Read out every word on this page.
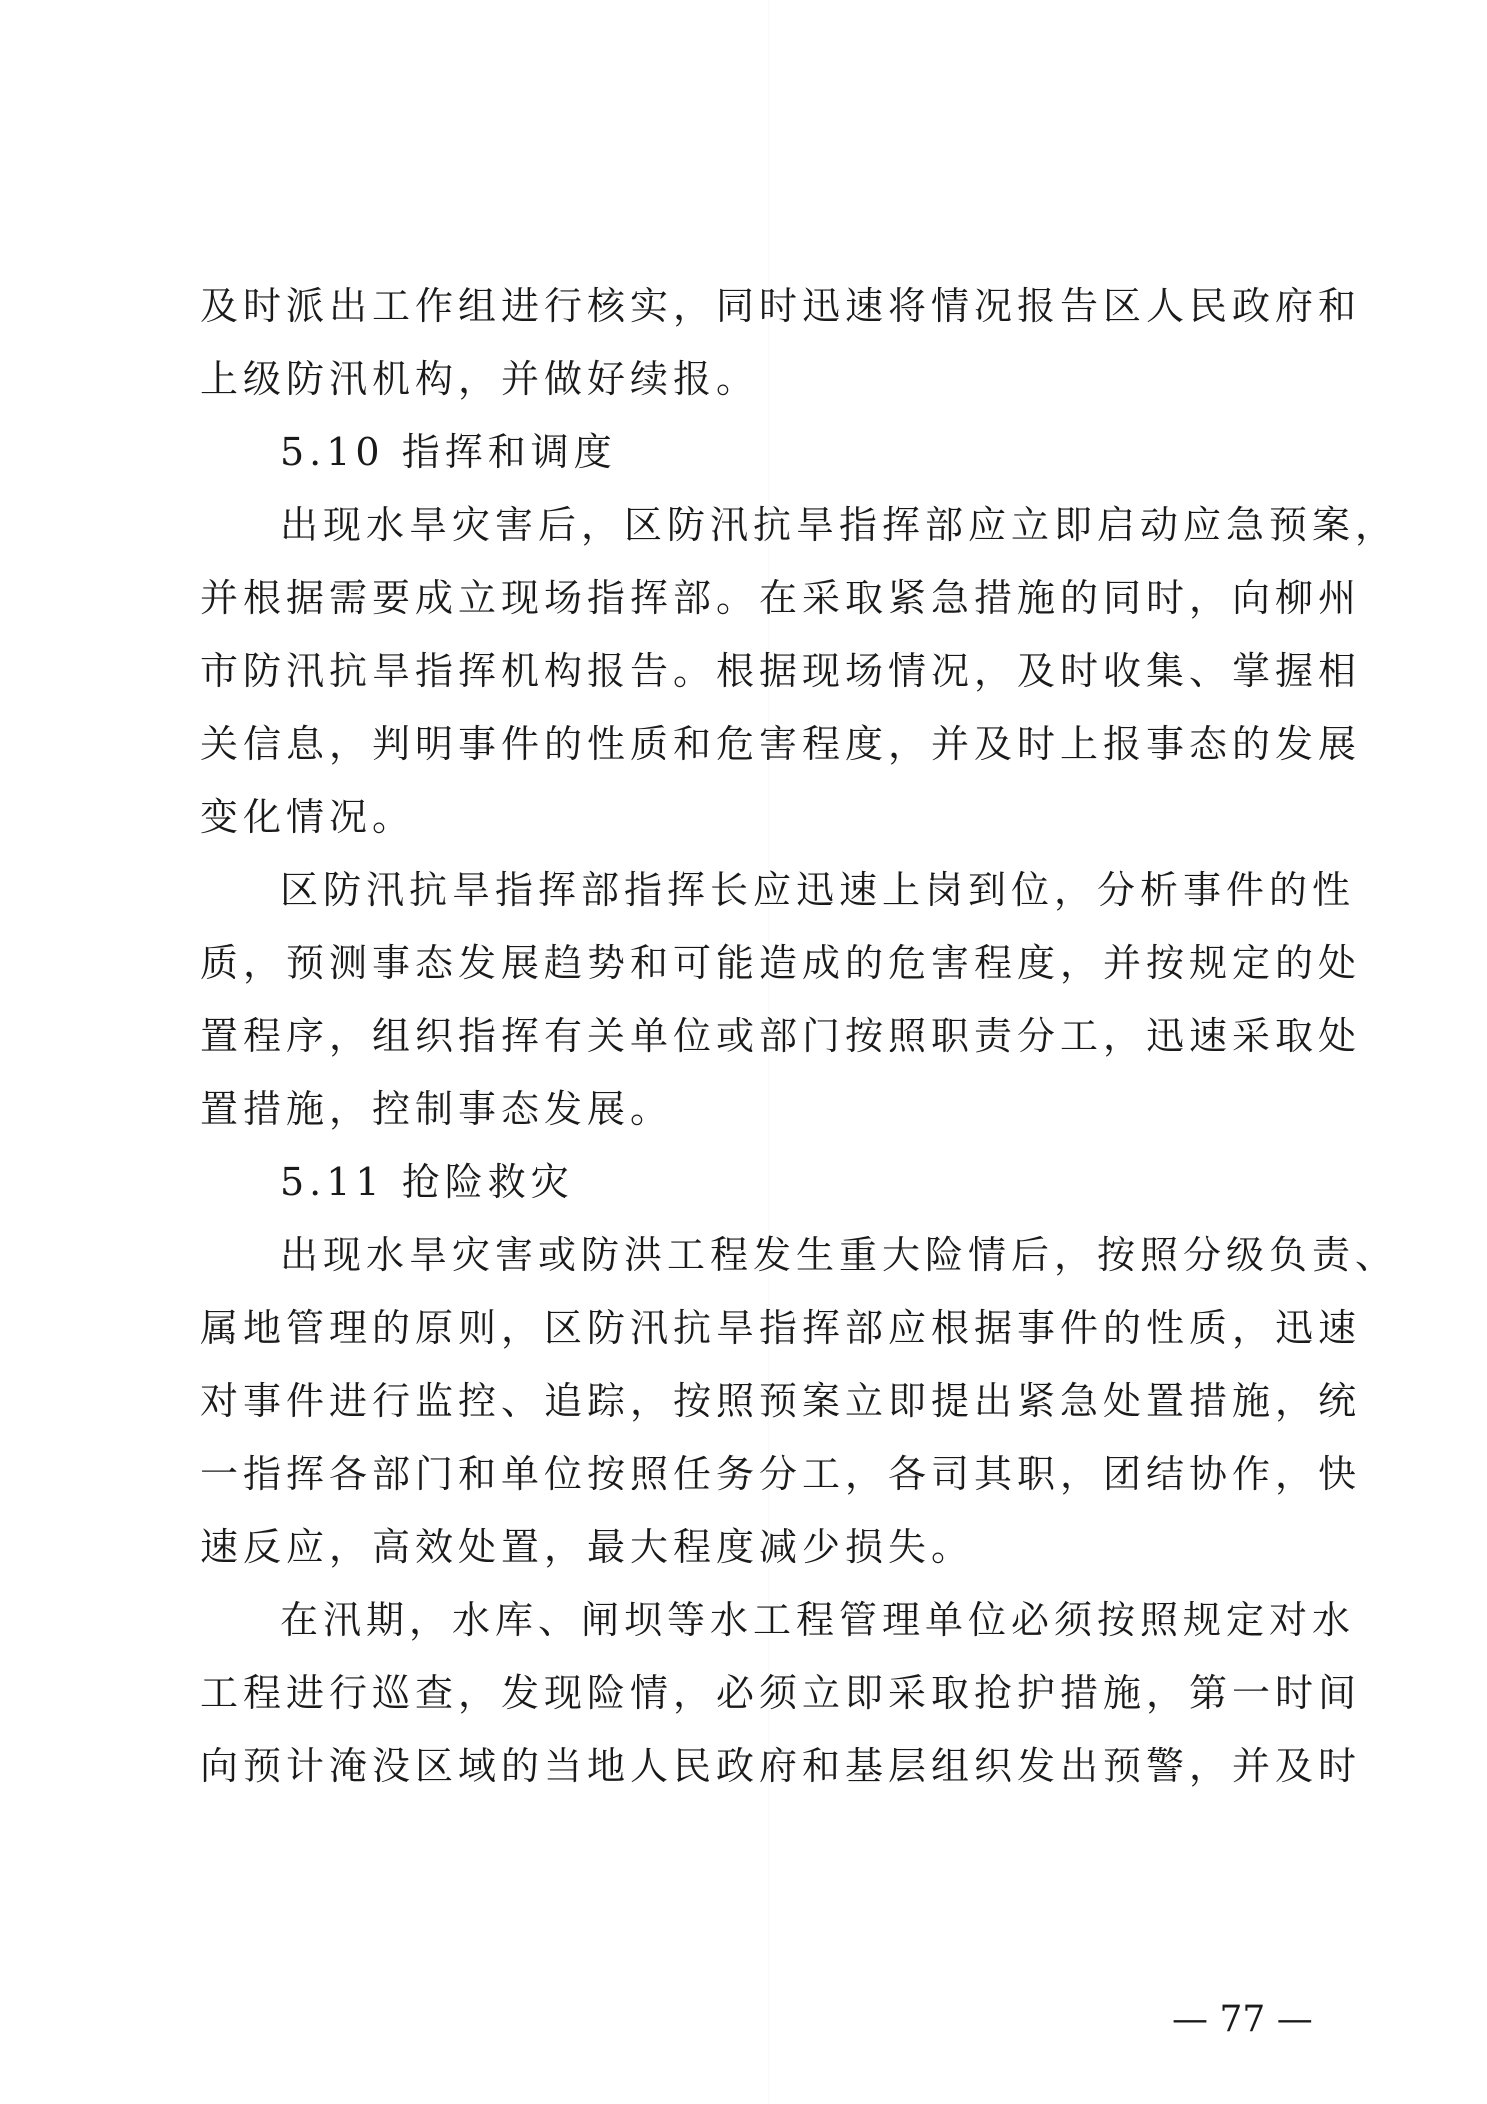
及时派出工作组进行核实，同时迅速将情况报告区人民政府和
上级防汛机构，并做好续报。
5.10 指挥和调度
出现水旱灾害后，区防汛抗旱指挥部应立即启动应急预案，
并根据需要成立现场指挥部。在采取紧急措施的同时，向柳州
市防汛抗旱指挥机构报告。根据现场情况，及时收集、掌握相
关信息，判明事件的性质和危害程度，并及时上报事态的发展
变化情况。
区防汛抗旱指挥部指挥长应迅速上岗到位，分析事件的性
质，预测事态发展趋势和可能造成的危害程度，并按规定的处
置程序，组织指挥有关单位或部门按照职责分工，迅速采取处
置措施，控制事态发展。
5.11 抢险救灾
出现水旱灾害或防洪工程发生重大险情后，按照分级负责、
属地管理的原则，区防汛抗旱指挥部应根据事件的性质，迅速
对事件进行监控、追踪，按照预案立即提出紧急处置措施，统
一指挥各部门和单位按照任务分工，各司其职，团结协作，快
速反应，高效处置，最大程度减少损失。
在汛期，水库、闸坝等水工程管理单位必须按照规定对水
工程进行巡查，发现险情，必须立即采取抢护措施，第一时间
向预计淹没区域的当地人民政府和基层组织发出预警，并及时
— 77 —
